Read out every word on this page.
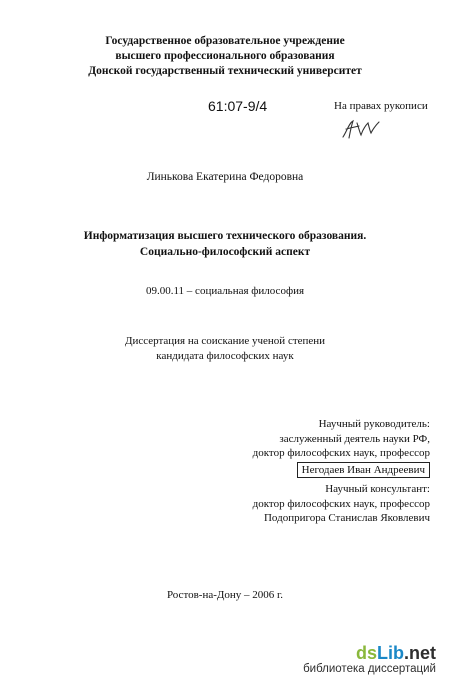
Государственное образовательное учреждение
высшего профессионального образования
Донской государственный технический университет
61:07-9/4	На правах рукописи
Линькова Екатерина Федоровна
Информатизация высшего технического образования.
Социально-философский аспект
09.00.11 – социальная философия
Диссертация на соискание ученой степени
кандидата философских наук
Научный руководитель:
заслуженный деятель науки РФ,
доктор философских наук, профессор
Негодаев Иван Андреевич
Научный консультант:
доктор философских наук, профессор
Подопригора Станислав Яковлевич
Ростов-на-Дону – 2006 г.
dsLib.net
библиотека диссертаций
